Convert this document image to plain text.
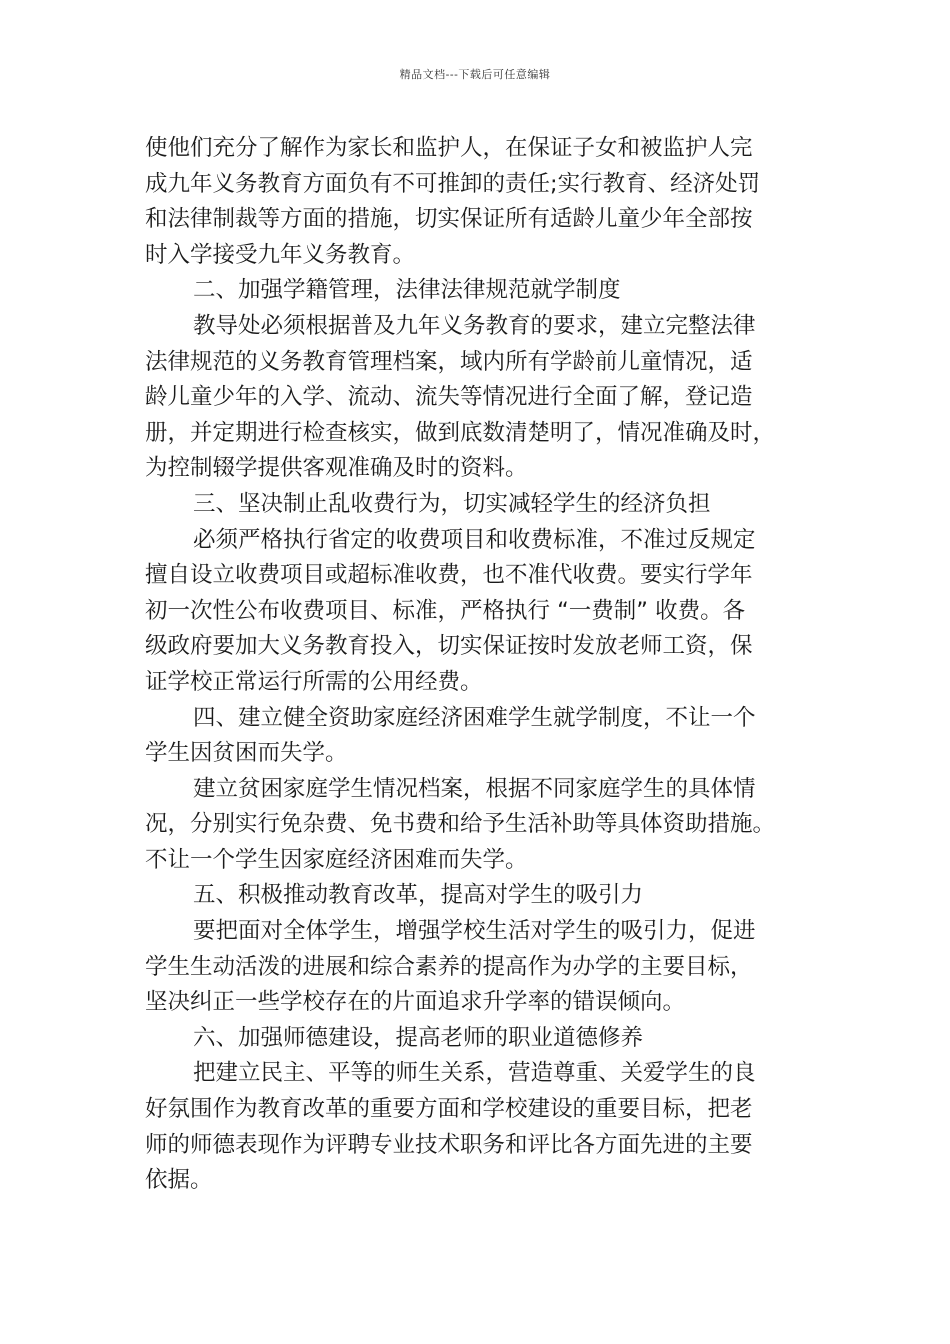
精品文档---下载后可任意编辑
使他们充分了解作为家长和监护人，在保证子女和被监护人完
成九年义务教育方面负有不可推卸的责任;实行教育、经济处罚
和法律制裁等方面的措施，切实保证所有适龄儿童少年全部按
时入学接受九年义务教育。
二、加强学籍管理，法律法律规范就学制度
教导处必须根据普及九年义务教育的要求，建立完整法律
法律规范的义务教育管理档案，域内所有学龄前儿童情况，适
龄儿童少年的入学、流动、流失等情况进行全面了解，登记造
册，并定期进行检查核实，做到底数清楚明了，情况准确及时，
为控制辍学提供客观准确及时的资料。
三、坚决制止乱收费行为，切实减轻学生的经济负担
必须严格执行省定的收费项目和收费标准，不准过反规定
擅自设立收费项目或超标准收费，也不准代收费。要实行学年
初一次性公布收费项目、标准，严格执行 “一费制” 收费。各
级政府要加大义务教育投入，切实保证按时发放老师工资，保
证学校正常运行所需的公用经费。
四、建立健全资助家庭经济困难学生就学制度，不让一个
学生因贫困而失学。
建立贫困家庭学生情况档案，根据不同家庭学生的具体情
况，分别实行免杂费、免书费和给予生活补助等具体资助措施。
不让一个学生因家庭经济困难而失学。
五、积极推动教育改革，提高对学生的吸引力
要把面对全体学生，增强学校生活对学生的吸引力，促进
学生生动活泼的进展和综合素养的提高作为办学的主要目标，
坚决纠正一些学校存在的片面追求升学率的错误倾向。
六、加强师德建设，提高老师的职业道德修养
把建立民主、平等的师生关系，营造尊重、关爱学生的良
好氛围作为教育改革的重要方面和学校建设的重要目标，把老
师的师德表现作为评聘专业技术职务和评比各方面先进的主要
依据。
